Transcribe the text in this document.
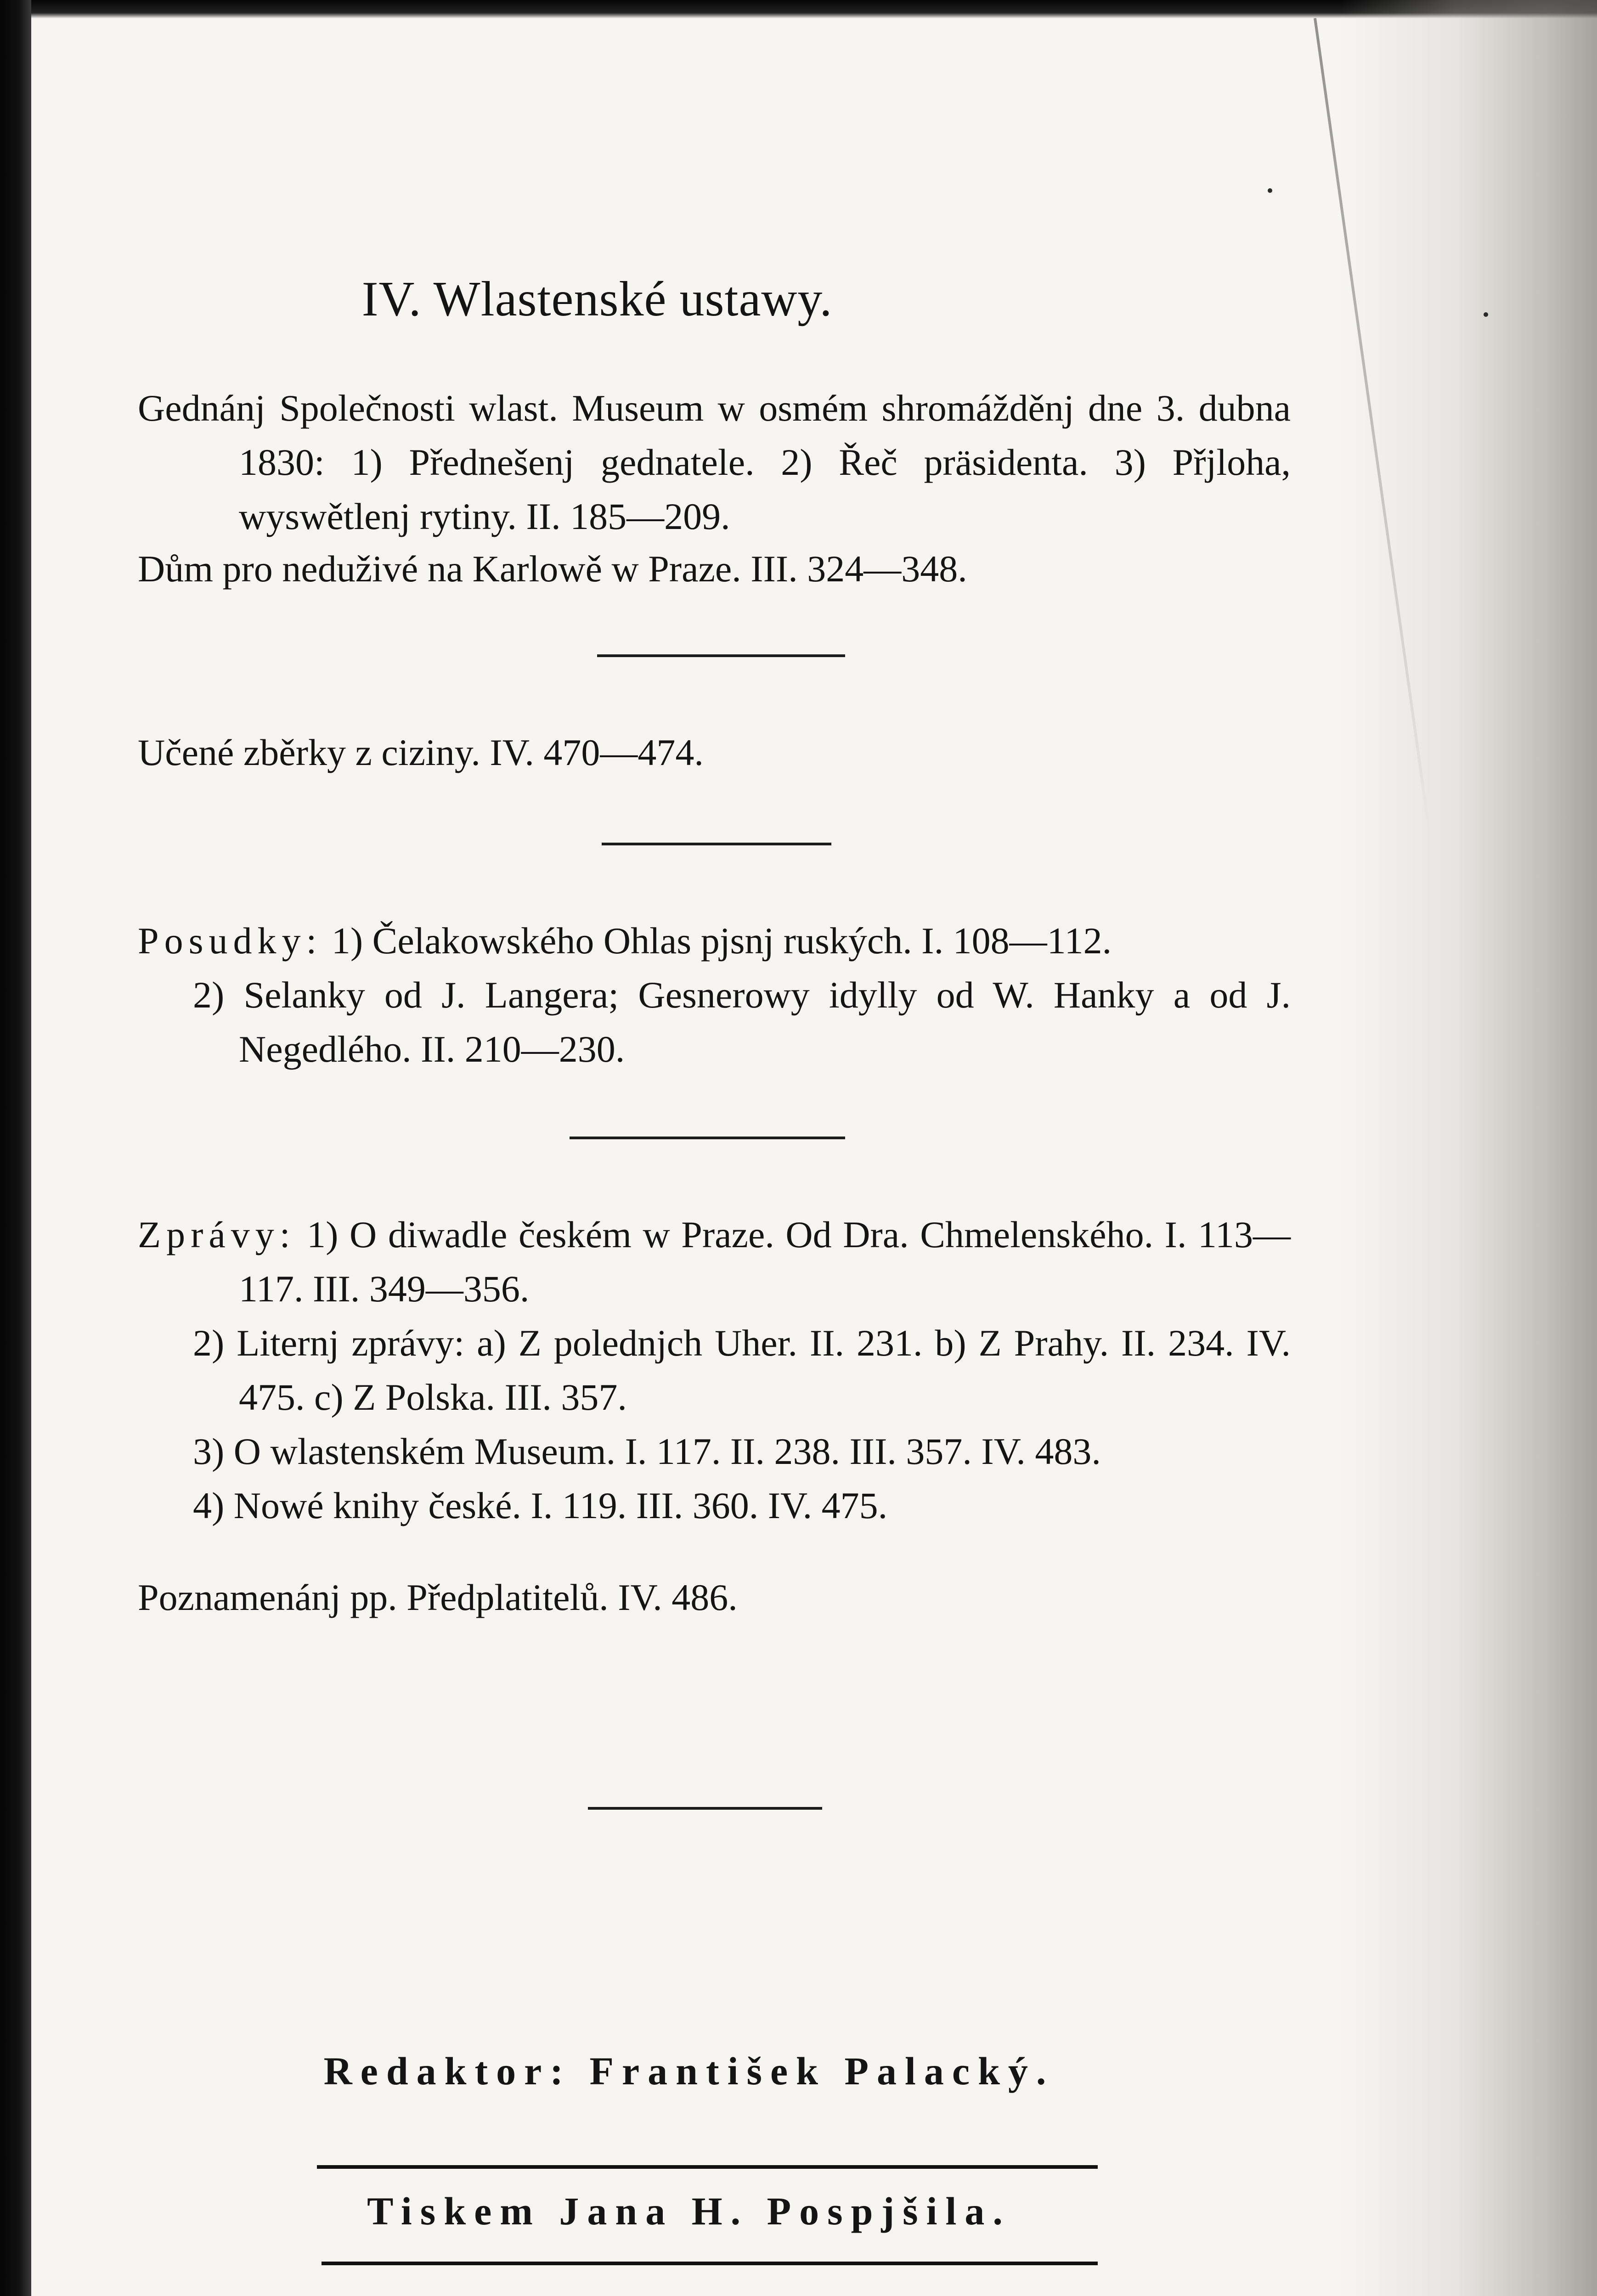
IV. Wlastenské ustawy.

Gednánj Společnosti wlast. Museum w osmém shromážděnj dne 3. dubna 1830: 1) Přednešenj gednatele. 2) Řeč präsidenta. 3) Přjloha, wyswětlenj rytiny. II. 185—209.

Dům pro neduživé na Karlowě w Praze. III. 324—348.

Učené zběrky z ciziny. IV. 470—474.

Posudky: 1) Čelakowského Ohlas pjsnj ruských. I. 108—112.

2) Selanky od J. Langera; Gesnerowy idylly od W. Hanky a od J. Negedlého. II. 210—230.

Zprávy: 1) O diwadle českém w Praze. Od Dra. Chmelenského. I. 113—117. III. 349—356.

2) Liternj zprávy: a) Z polednjch Uher. II. 231. b) Z Prahy. II. 234. IV. 475. c) Z Polska. III. 357.

3) O wlastenském Museum. I. 117. II. 238. III. 357. IV. 483.

4) Nowé knihy české. I. 119. III. 360. IV. 475.

Poznamenánj pp. Předplatitelů. IV. 486.

Redaktor: František Palacký.
Tiskem Jana H. Pospjšila.
